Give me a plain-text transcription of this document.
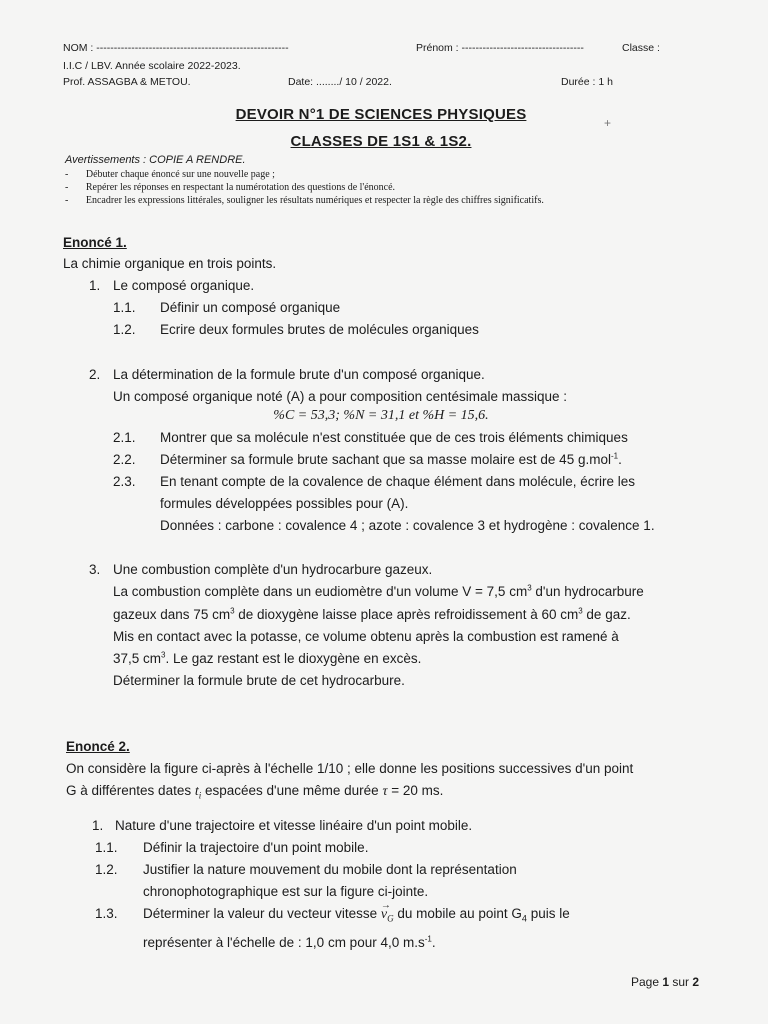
NOM : -------------------------------------------------------	Prénom : -----------------------------------	Classe :
I.I.C / LBV. Année scolaire 2022-2023.
Prof. ASSAGBA & METOU.	Date: ......../ 10 / 2022.	Durée : 1 h
+
DEVOIR N°1 DE SCIENCES PHYSIQUES
CLASSES DE 1S1 & 1S2.
Avertissements : COPIE A RENDRE.
-       Débuter chaque énoncé sur une nouvelle page ;
-       Repérer les réponses en respectant la numérotation des questions de l'énoncé.
-       Encadrer les expressions littérales, souligner les résultats numériques et respecter la règle des chiffres significatifs.
Enoncé 1.
La chimie organique en trois points.
1. Le composé organique.
1.1. Définir un composé organique
1.2. Ecrire deux formules brutes de molécules organiques
2. La détermination de la formule brute d'un composé organique.
Un composé organique noté (A) a pour composition centésimale massique :
%C = 53,3; %N = 31,1 et %H = 15,6.
2.1. Montrer que sa molécule n'est constituée que de ces trois éléments chimiques
2.2. Déterminer sa formule brute sachant que sa masse molaire est de 45 g.mol$^{-1}$.
2.3. En tenant compte de la covalence de chaque élément dans molécule, écrire les
formules développées possibles pour (A).
Données : carbone : covalence 4 ; azote : covalence 3 et hydrogène : covalence 1.
3. Une combustion complète d'un hydrocarbure gazeux.
La combustion complète dans un eudiomètre d'un volume V = 7,5 $cm^3$ d'un hydrocarbure
gazeux dans 75 $cm^3$ de dioxygène laisse place après refroidissement à 60 $cm^3$ de gaz.
Mis en contact avec la potasse, ce volume obtenu après la combustion est ramené à
37,5 $cm^3$. Le gaz restant est le dioxygène en excès.
Déterminer la formule brute de cet hydrocarbure.
Enoncé 2.
On considère la figure ci-après à l'échelle 1/10 ; elle donne les positions successives d'un point
G à différentes dates $t_i$ espacées d'une même durée τ = 20 ms.
1. Nature d'une trajectoire et vitesse linéaire d'un point mobile.
1.1. Définir la trajectoire d'un point mobile.
1.2. Justifier la nature mouvement du mobile dont la représentation
chronophotographique est sur la figure ci-jointe.
1.3. Déterminer la valeur du vecteur vitesse
→
$v_G$ du mobile au point $G_4$ puis le
représenter à l'échelle de : 1,0 cm pour 4,0 $m.s^{-1}$.
Page 1 sur 2
